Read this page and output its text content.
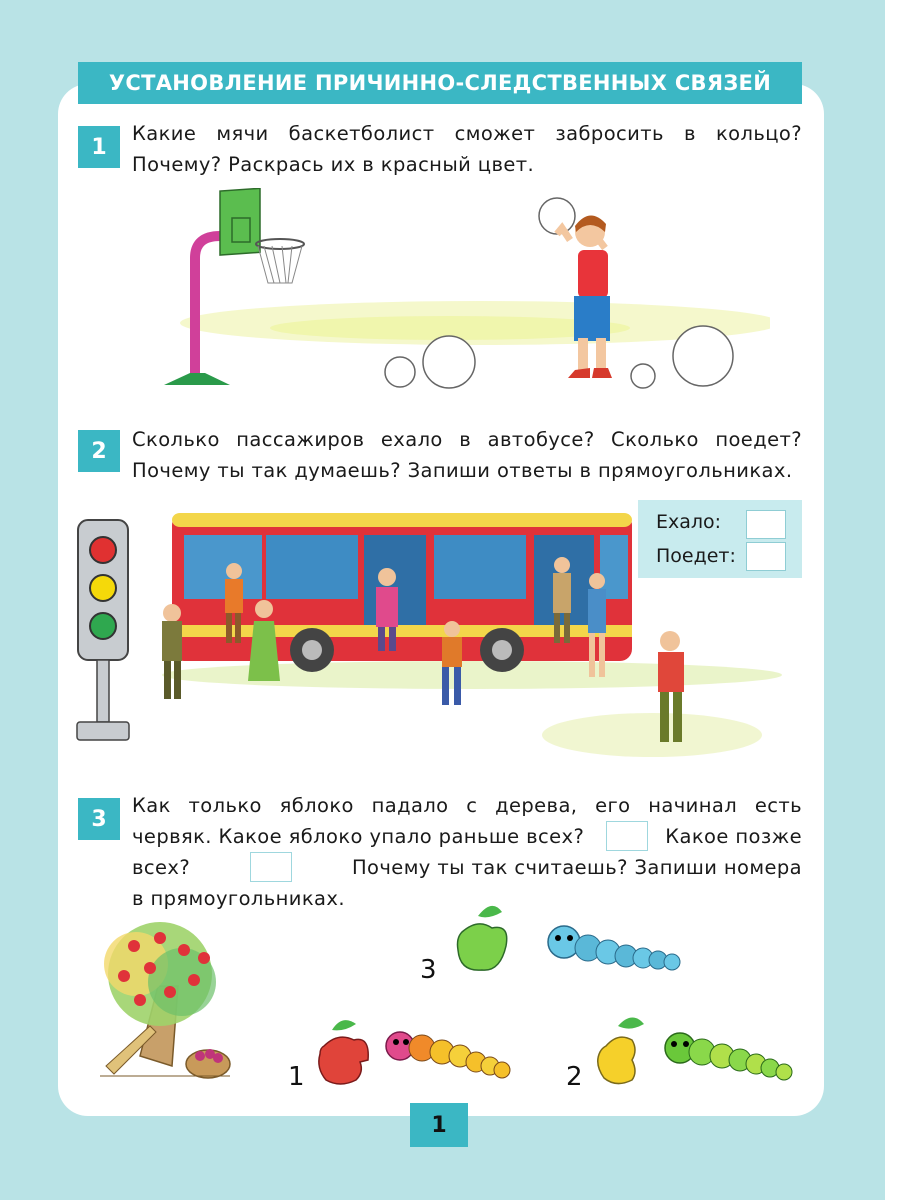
УСТАНОВЛЕНИЕ ПРИЧИННО-СЛЕДСТВЕННЫХ СВЯЗЕЙ
1
Какие мячи баскетболист сможет забросить в кольцо?
Почему? Раскрась их в красный цвет.
2	Сколько пассажиров ехало в автобусе? Сколько поедет?
Почему ты так думаешь? Запиши ответы в прямоугольниках.
Ехало:
Поедет:
3
Как только яблоко падало с дерева, его начинал есть
червяк. Какое яблоко упало раньше всех?	Какое позже
всех?	Почему ты так считаешь? Запиши номера
в прямоугольниках.
3
1	2
1
